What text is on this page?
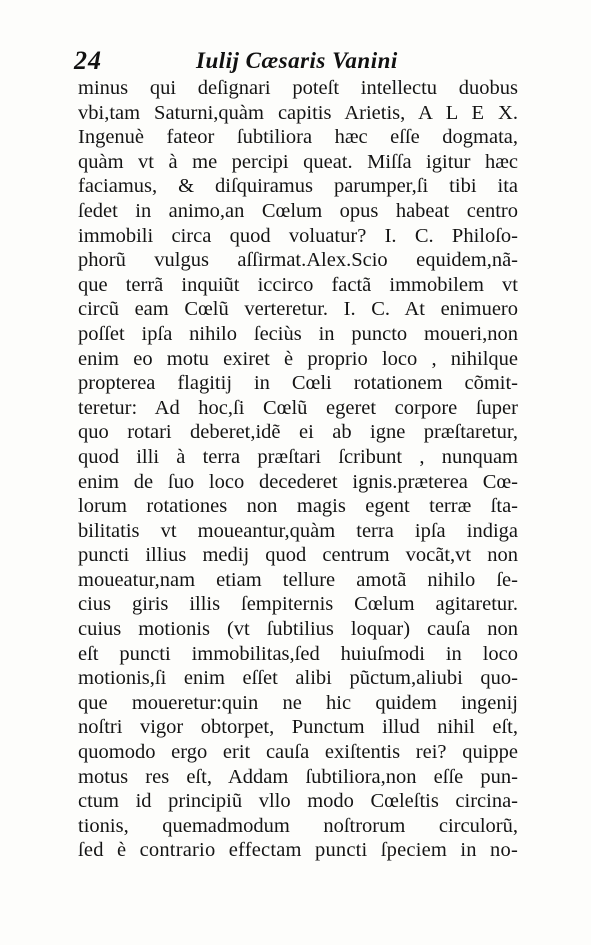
24	Iulij Cæsaris Vanini
minus qui deſignari poteſt intellectu duobus
vbi,tam Saturni,quàm capitis Arietis, A L E X.
Ingenuè fateor ſubtiliora hæc eſſe dogmata,
quàm vt à me percipi queat. Miſſa igitur hæc
faciamus, & diſquiramus parumper,ſi tibi ita
ſedet in animo,an Cœlum opus habeat centro
immobili circa quod voluatur? I. C. Philoſo-
phorũ vulgus aſſirmat.Alex.Scio equidem,nã-
que terrã inquiũt iccirco factã immobilem vt
circũ eam Cœlũ verteretur. I. C. At enimuero
poſſet ipſa nihilo ſeciùs in puncto moueri,non
enim eo motu exiret è proprio loco , nihilque
propterea flagitij in Cœli rotationem cõmit-
teretur: Ad hoc,ſi Cœlũ egeret corpore ſuper
quo rotari deberet,idẽ ei ab igne præſtaretur,
quod illi à terra præſtari ſcribunt , nunquam
enim de ſuo loco decederet ignis.præterea Cœ-
lorum rotationes non magis egent terræ ſta-
bilitatis vt moueantur,quàm terra ipſa indiga
puncti illius medij quod centrum vocãt,vt non
moueatur,nam etiam tellure amotã nihilo ſe-
cius giris illis ſempiternis Cœlum agitaretur.
cuius motionis (vt ſubtilius loquar) cauſa non
eſt puncti immobilitas,ſed huiuſmodi in loco
motionis,ſi enim eſſet alibi pũctum,aliubi quo-
que moueretur:quin ne hic quidem ingenij
noſtri vigor obtorpet, Punctum illud nihil eſt,
quomodo ergo erit cauſa exiſtentis rei? quippe
motus res eſt, Addam ſubtiliora,non eſſe pun-
ctum id principiũ vllo modo Cœleſtis circina-
tionis, quemadmodum noſtrorum circulorũ,
ſed è contrario effectam puncti ſpeciem in no-
